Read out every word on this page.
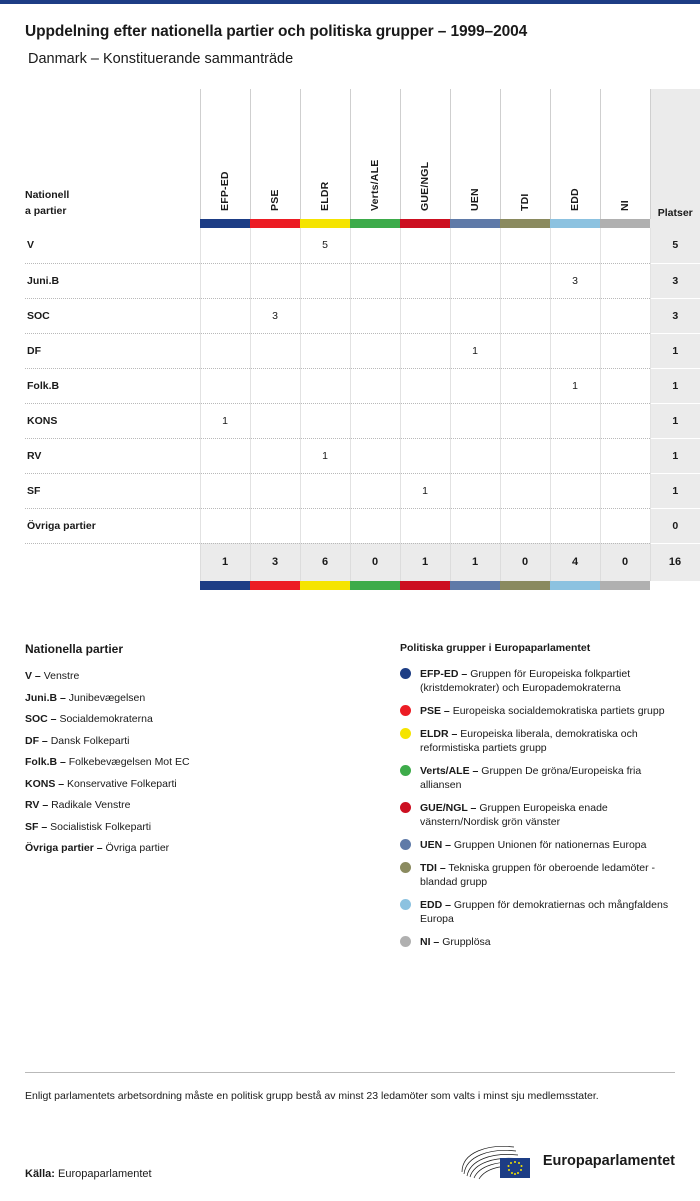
Uppdelning efter nationella partier och politiska grupper – 1999–2004
Danmark – Konstituerande sammanträde
Nationell
a partier	EFP-ED	PSE	ELDR	Verts/ALE	GUE/NGL	UEN	TDI	EDD	NI	Platser

V			5							5
Juni.B								3		3
SOC		3								3
DF						1				1
Folk.B								1		1
KONS	1									1
RV			1							1
SF					1					1
Övriga partier										0
	1	3	6	0	1	1	0	4	0	16

Nationella partier
V – Venstre
Juni.B – Junibevægelsen
SOC – Socialdemokraterna
DF – Dansk Folkeparti
Folk.B – Folkebevægelsen Mot EC
KONS – Konservative Folkeparti
RV – Radikale Venstre
SF – Socialistisk Folkeparti
Övriga partier – Övriga partier
Politiska grupper i Europaparlamentet
EFP-ED – Gruppen för Europeiska folkpartiet (kristdemokrater) och Europademokraterna
PSE – Europeiska socialdemokratiska partiets grupp
ELDR – Europeiska liberala, demokratiska och reformistiska partiets grupp
Verts/ALE – Gruppen De gröna/Europeiska fria alliansen
GUE/NGL – Gruppen Europeiska enade vänstern/Nordisk grön vänster
UEN – Gruppen Unionen för nationernas Europa
TDI – Tekniska gruppen för oberoende ledamöter - blandad grupp
EDD – Gruppen för demokratiernas och mångfaldens Europa
NI – Grupplösa
Enligt parlamentets arbetsordning måste en politisk grupp bestå av minst 23 ledamöter som valts i minst sju medlemsstater.
Källa: Europaparlamentet
Europaparlamentet
